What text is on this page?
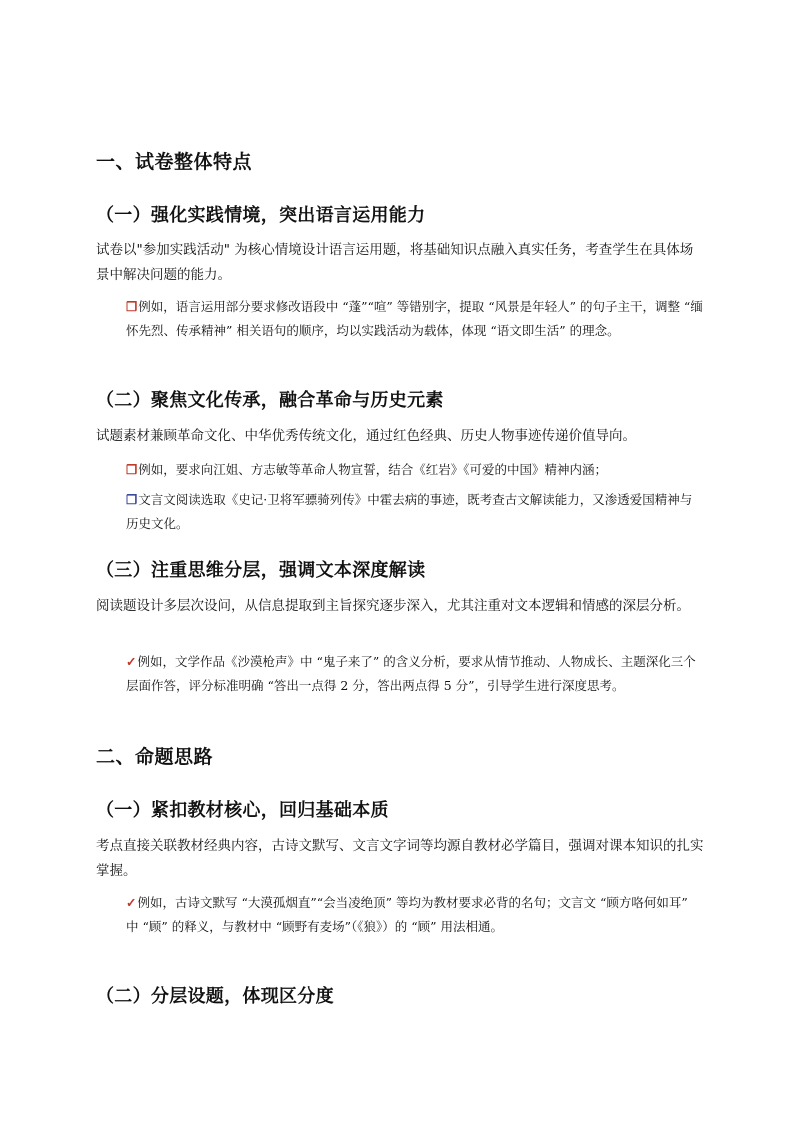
一、试卷整体特点
（一）强化实践情境，突出语言运用能力

试卷以"参加实践活动" 为核心情境设计语言运用题，将基础知识点融入真实任务，考查学生在具体场景中解决问题的能力。

❐例如，语言运用部分要求修改语段中 “蓬”“喧” 等错别字，提取 “风景是年轻人” 的句子主干，调整 “缅怀先烈、传承精神” 相关语句的顺序，均以实践活动为载体，体现 “语文即生活” 的理念。

（二）聚焦文化传承，融合革命与历史元素

试题素材兼顾革命文化、中华优秀传统文化，通过红色经典、历史人物事迹传递价值导向。

❐例如，要求向江姐、方志敏等革命人物宣誓，结合《红岩》《可爱的中国》精神内涵；

❐文言文阅读选取《史记·卫将军骠骑列传》中霍去病的事迹，既考查古文解读能力，又渗透爱国精神与历史文化。

（三）注重思维分层，强调文本深度解读

阅读题设计多层次设问，从信息提取到主旨探究逐步深入，尤其注重对文本逻辑和情感的深层分析。

✓例如，文学作品《沙漠枪声》中 “鬼子来了” 的含义分析，要求从情节推动、人物成长、主题深化三个层面作答，评分标准明确 “答出一点得 2 分，答出两点得 5 分”，引导学生进行深度思考。

二、命题思路
（一）紧扣教材核心，回归基础本质

考点直接关联教材经典内容，古诗文默写、文言文字词等均源自教材必学篇目，强调对课本知识的扎实掌握。

✓例如，古诗文默写 “大漠孤烟直”“会当凌绝顶” 等均为教材要求必背的名句；文言文 “顾方咯何如耳” 中 “顾” 的释义，与教材中 “顾野有麦场”（《狼》）的 “顾” 用法相通。

（二）分层设题，体现区分度
